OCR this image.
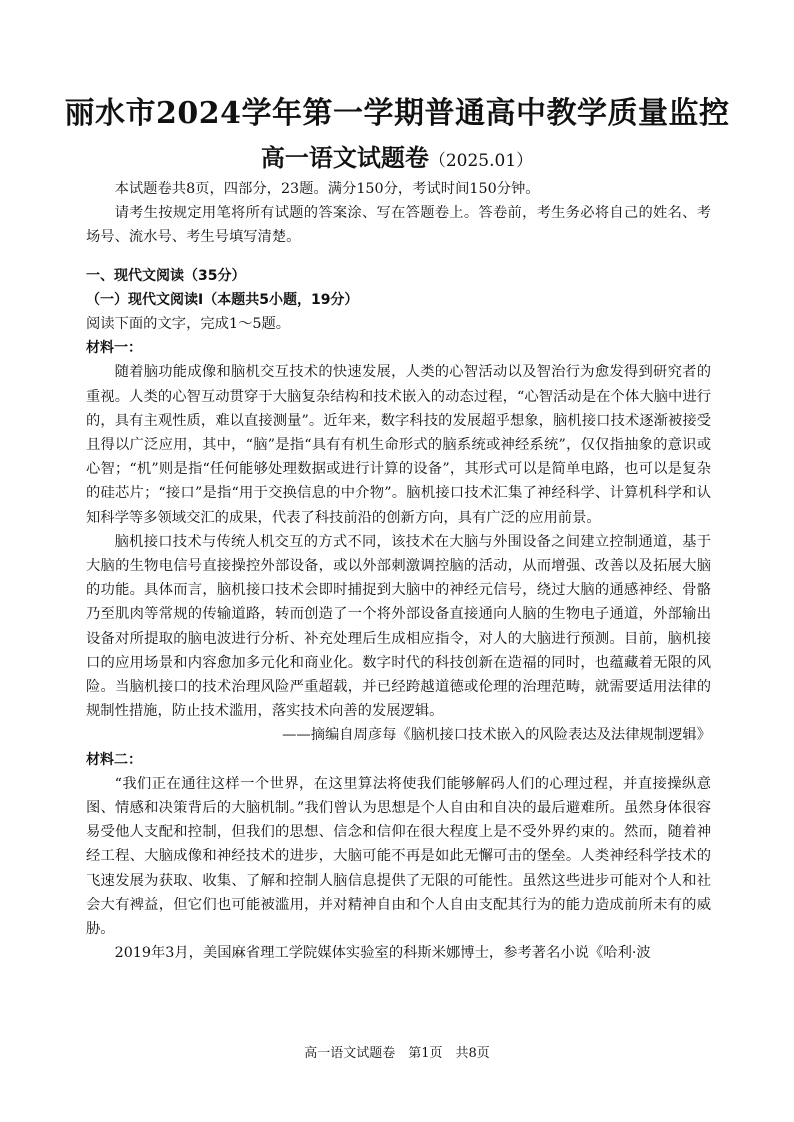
丽水市2024学年第一学期普通高中教学质量监控
高一语文试题卷（2025.01）

本试题卷共8页，四部分，23题。满分150分，考试时间150分钟。

请考生按规定用笔将所有试题的答案涂、写在答题卷上。答卷前，考生务必将自己的姓名、考场号、流水号、考生号填写清楚。

一、现代文阅读（35分）

（一）现代文阅读Ⅰ（本题共5小题，19分）

阅读下面的文字，完成1～5题。

材料一：

随着脑功能成像和脑机交互技术的快速发展，人类的心智活动以及智治行为愈发得到研究者的重视。人类的心智互动贯穿于大脑复杂结构和技术嵌入的动态过程，“心智活动是在个体大脑中进行的，具有主观性质，难以直接测量”。近年来，数字科技的发展超乎想象，脑机接口技术逐渐被接受且得以广泛应用，其中，“脑”是指“具有有机生命形式的脑系统或神经系统”，仅仅指抽象的意识或心智；“机”则是指“任何能够处理数据或进行计算的设备”，其形式可以是简单电路，也可以是复杂的硅芯片；“接口”是指“用于交换信息的中介物”。脑机接口技术汇集了神经科学、计算机科学和认知科学等多领域交汇的成果，代表了科技前沿的创新方向，具有广泛的应用前景。

脑机接口技术与传统人机交互的方式不同，该技术在大脑与外围设备之间建立控制通道，基于大脑的生物电信号直接操控外部设备，或以外部刺激调控脑的活动，从而增强、改善以及拓展大脑的功能。具体而言，脑机接口技术会即时捕捉到大脑中的神经元信号，绕过大脑的通感神经、骨骼乃至肌肉等常规的传输道路，转而创造了一个将外部设备直接通向人脑的生物电子通道，外部输出设备对所提取的脑电波进行分析、补充处理后生成相应指令，对人的大脑进行预测。目前，脑机接口的应用场景和内容愈加多元化和商业化。数字时代的科技创新在造福的同时，也蕴藏着无限的风险。当脑机接口的技术治理风险严重超载，并已经跨越道德或伦理的治理范畴，就需要适用法律的规制性措施，防止技术滥用，落实技术向善的发展逻辑。

——摘编自周彦每《脑机接口技术嵌入的风险表达及法律规制逻辑》

材料二：

“我们正在通往这样一个世界，在这里算法将使我们能够解码人们的心理过程，并直接操纵意图、情感和决策背后的大脑机制。”我们曾认为思想是个人自由和自决的最后避难所。虽然身体很容易受他人支配和控制，但我们的思想、信念和信仰在很大程度上是不受外界约束的。然而，随着神经工程、大脑成像和神经技术的进步，大脑可能不再是如此无懈可击的堡垒。人类神经科学技术的飞速发展为获取、收集、了解和控制人脑信息提供了无限的可能性。虽然这些进步可能对个人和社会大有裨益，但它们也可能被滥用，并对精神自由和个人自由支配其行为的能力造成前所未有的威胁。

2019年3月，美国麻省理工学院媒体实验室的科斯米娜博士，参考著名小说《哈利·波

高一语文试题卷　第1页　共8页
